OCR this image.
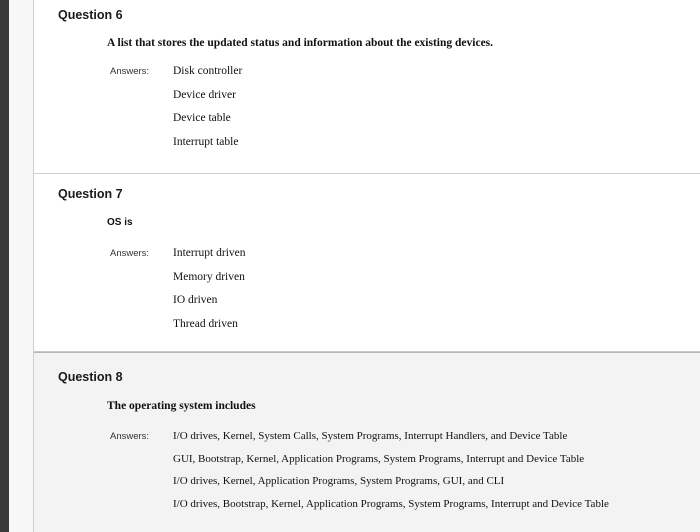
Question 6
A list that stores the updated status and information about the existing devices.
Answers: Disk controller
Device driver
Device table
Interrupt table
Question 7
OS is
Answers: Interrupt driven
Memory driven
IO driven
Thread driven
Question 8
The operating system includes
Answers: I/O drives, Kernel, System Calls, System Programs, Interrupt Handlers, and Device Table
GUI, Bootstrap, Kernel, Application Programs, System Programs, Interrupt and Device Table
I/O drives, Kernel, Application Programs, System Programs, GUI, and CLI
I/O drives, Bootstrap, Kernel, Application Programs, System Programs, Interrupt and Device Table
